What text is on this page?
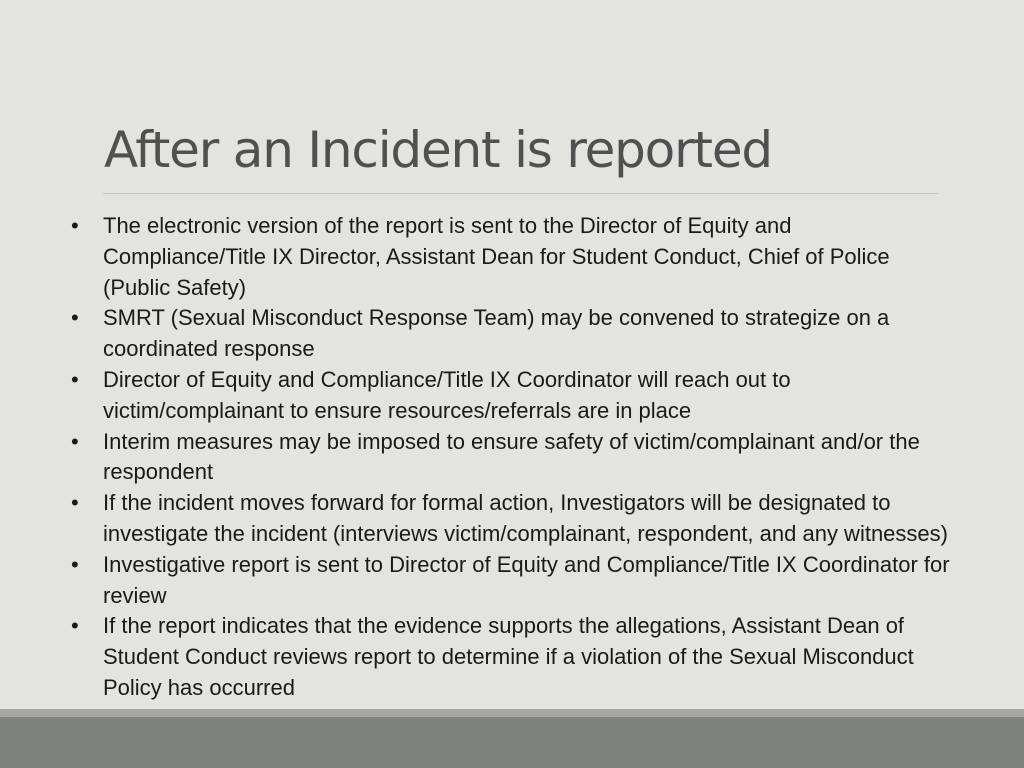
After an Incident is reported
• The electronic version of the report is sent to the Director of Equity and Compliance/Title IX Director, Assistant Dean for Student Conduct, Chief of Police (Public Safety)
• SMRT (Sexual Misconduct Response Team) may be convened to strategize on a coordinated response
• Director of Equity and Compliance/Title IX Coordinator will reach out to victim/complainant to ensure resources/referrals are in place
• Interim measures may be imposed to ensure safety of victim/complainant and/or the respondent
• If the incident moves forward for formal action, Investigators will be designated to investigate the incident (interviews victim/complainant, respondent, and any witnesses)
• Investigative report is sent to Director of Equity and Compliance/Title IX Coordinator for review
• If the report indicates that the evidence supports the allegations, Assistant Dean of Student Conduct reviews report to determine if a violation of the Sexual Misconduct Policy has occurred
